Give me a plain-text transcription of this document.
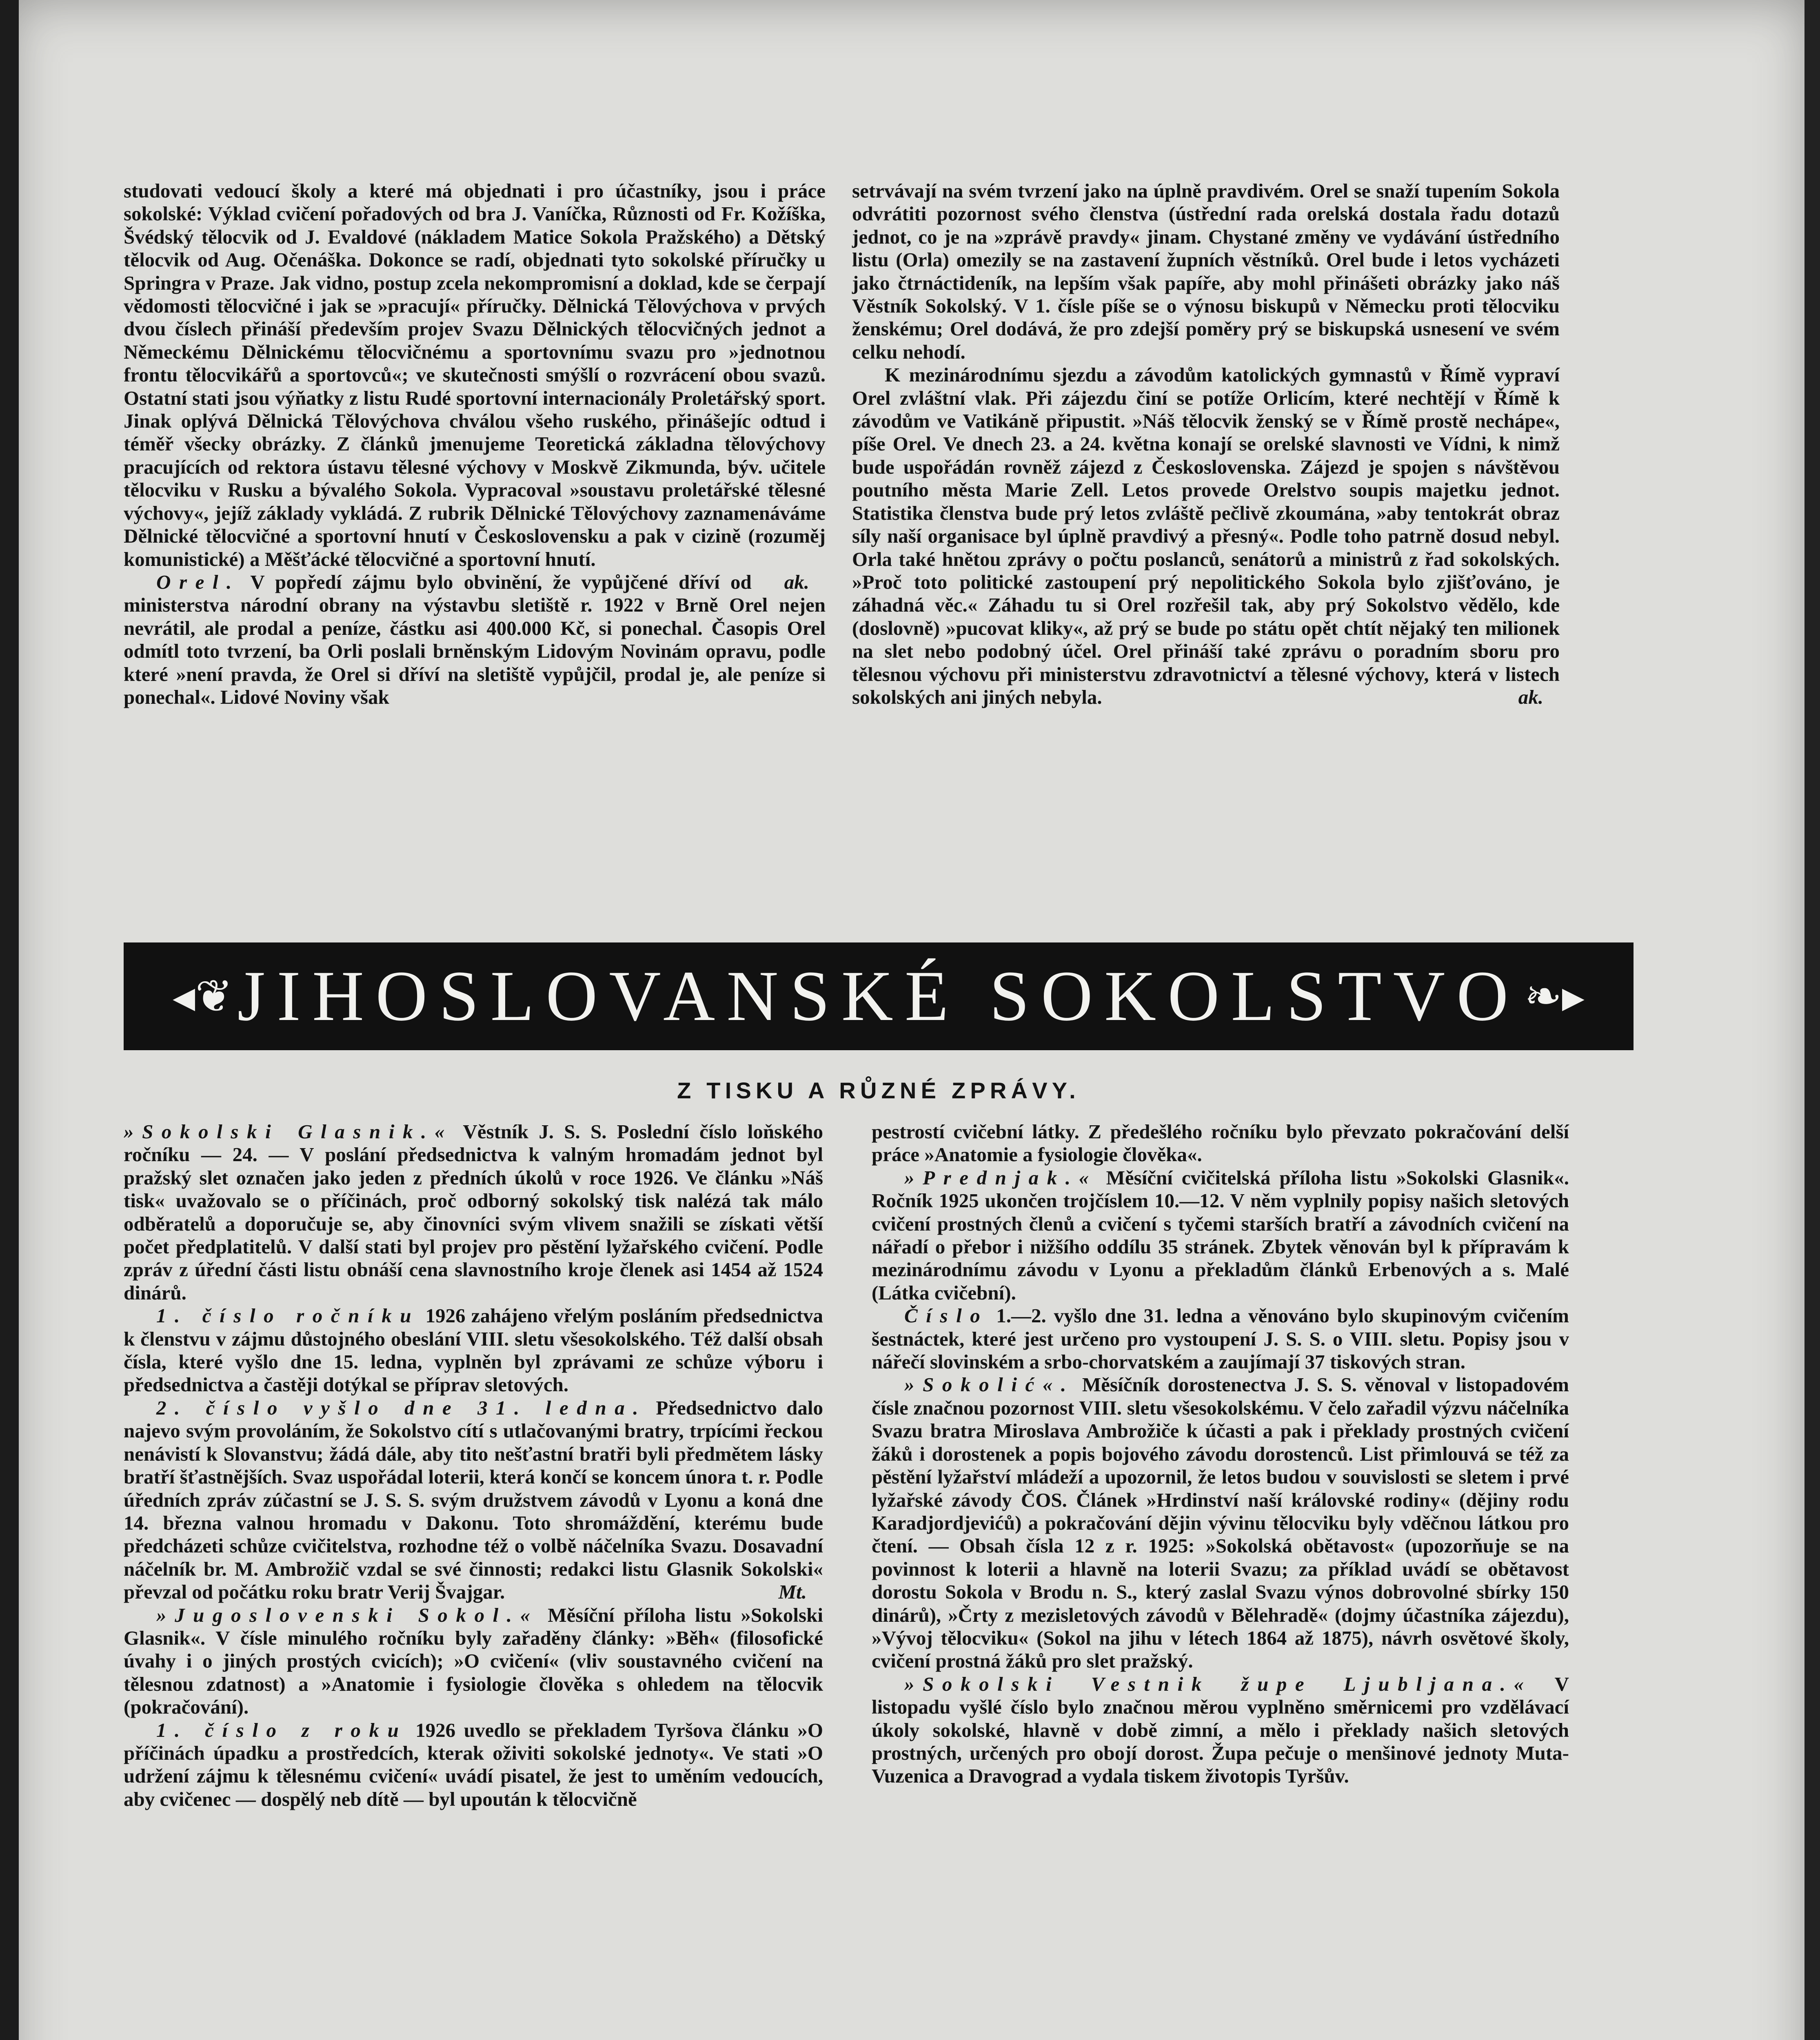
studovati vedoucí školy a které má objednati i pro účastníky, jsou i práce sokolské: Výklad cvičení pořadových od bra J. Vaníčka, Různosti od Fr. Kožíška, Švédský tělocvik od J. Evaldové (nákladem Matice Sokola Pražského) a Dětský tělocvik od Aug. Očenáška. Dokonce se radí, objednati tyto sokolské příručky u Springra v Praze. Jak vidno, postup zcela nekompromisní a doklad, kde se čerpají vědomosti tělocvičné i jak se »pracují« příručky. Dělnická Tělovýchova v prvých dvou číslech přináší především projev Svazu Dělnických tělocvičných jednot a Německému Dělnickému tělocvičnému a sportovnímu svazu pro »jednotnou frontu tělocvikářů a sportovců«; ve skutečnosti smýšlí o rozvrácení obou svazů. Ostatní stati jsou výňatky z listu Rudé sportovní internacionály Proletářský sport. Jinak oplývá Dělnická Tělovýchova chválou všeho ruského, přinášejíc odtud i téměř všecky obrázky. Z článků jmenujeme Teoretická základna tělovýchovy pracujících od rektora ústavu tělesné výchovy v Moskvě Zikmunda, býv. učitele tělocviku v Rusku a bývalého Sokola. Vypracoval »soustavu proletářské tělesné výchovy«, jejíž základy vykládá. Z rubrik Dělnické Tělovýchovy zaznamenáváme Dělnické tělocvičné a sportovní hnutí v Československu a pak v cizině (rozuměj komunistické) a Měšťácké tělocvičné a sportovní hnutí.

ak.

Orel. V popředí zájmu bylo obvinění, že vypůjčené dříví od ministerstva národní obrany na výstavbu sletiště r. 1922 v Brně Orel nejen nevrátil, ale prodal a peníze, částku asi 400.000 Kč, si ponechal. Časopis Orel odmítl toto tvrzení, ba Orli poslali brněnským Lidovým Novinám opravu, podle které »není pravda, že Orel si dříví na sletiště vypůjčil, prodal je, ale peníze si ponechal«. Lidové Noviny však

setrvávají na svém tvrzení jako na úplně pravdivém. Orel se snaží tupením Sokola odvrátiti pozornost svého členstva (ústřední rada orelská dostala řadu dotazů jednot, co je na »zprávě pravdy« jinam. Chystané změny ve vydávání ústředního listu (Orla) omezily se na zastavení župních věstníků. Orel bude i letos vycházeti jako čtrnáctideník, na lepším však papíře, aby mohl přinášeti obrázky jako náš Věstník Sokolský. V 1. čísle píše se o výnosu biskupů v Německu proti tělocviku ženskému; Orel dodává, že pro zdejší poměry prý se biskupská usnesení ve svém celku nehodí.

K mezinárodnímu sjezdu a závodům katolických gymnastů v Římě vypraví Orel zvláštní vlak. Při zájezdu činí se potíže Orlicím, které nechtějí v Římě k závodům ve Vatikáně připustit. »Náš tělocvik ženský se v Římě prostě nechápe«, píše Orel. Ve dnech 23. a 24. května konají se orelské slavnosti ve Vídni, k nimž bude uspořádán rovněž zájezd z Československa. Zájezd je spojen s návštěvou poutního města Marie Zell. Letos provede Orelstvo soupis majetku jednot. Statistika členstva bude prý letos zvláště pečlivě zkoumána, »aby tentokrát obraz síly naší organisace byl úplně pravdivý a přesný«. Podle toho patrně dosud nebyl. Orla také hnětou zprávy o počtu poslanců, senátorů a ministrů z řad sokolských. »Proč toto politické zastoupení prý nepolitického Sokola bylo zjišťováno, je záhadná věc.« Záhadu tu si Orel rozřešil tak, aby prý Sokolstvo vědělo, kde (doslovně) »pucovat kliky«, až prý se bude po státu opět chtít nějaký ten milionek na slet nebo podobný účel. Orel přináší také zprávu o poradním sboru pro tělesnou výchovu při ministerstvu zdravotnictví a tělesné výchovy, která v listech sokolských ani jiných nebyla.	ak.

◂❦ JIHOSLOVANSKÉ SOKOLSTVO ❧▸
Z TISKU A RŮZNÉ ZPRÁVY.

»Sokolski Glasnik.« Věstník J. S. S. Poslední číslo loňského ročníku — 24. — V poslání předsednictva k valným hromadám jednot byl pražský slet označen jako jeden z předních úkolů v roce 1926. Ve článku »Náš tisk« uvažovalo se o příčinách, proč odborný sokolský tisk nalézá tak málo odběratelů a doporučuje se, aby činovníci svým vlivem snažili se získati větší počet předplatitelů. V další stati byl projev pro pěstění lyžařského cvičení. Podle zpráv z úřední části listu obnáší cena slavnostního kroje členek asi 1454 až 1524 dinárů.

1. číslo ročníku 1926 zahájeno vřelým posláním předsednictva k členstvu v zájmu důstojného obeslání VIII. sletu všesokolského. Též další obsah čísla, které vyšlo dne 15. ledna, vyplněn byl zprávami ze schůze výboru i předsednictva a častěji dotýkal se příprav sletových.

2. číslo vyšlo dne 31. ledna. Předsednictvo dalo najevo svým provoláním, že Sokolstvo cítí s utlačovanými bratry, trpícími řeckou nenávistí k Slovanstvu; žádá dále, aby tito nešťastní bratři byli předmětem lásky bratří šťastnějších. Svaz uspořádal loterii, která končí se koncem února t. r. Podle úředních zpráv zúčastní se J. S. S. svým družstvem závodů v Lyonu a koná dne 14. března valnou hromadu v Dakonu. Toto shromáždění, kterému bude předcházeti schůze cvičitelstva, rozhodne též o volbě náčelníka Svazu. Dosavadní náčelník br. M. Ambrožič vzdal se své činnosti; redakci listu Glasnik Sokolski« převzal od počátku roku bratr Verij Švajgar.	Mt.

»Jugoslovenski Sokol.« Měsíční příloha listu »Sokolski Glasnik«. V čísle minulého ročníku byly zařaděny články: »Běh« (filosofické úvahy i o jiných prostých cvicích); »O cvičení« (vliv soustavného cvičení na tělesnou zdatnost) a »Anatomie i fysiologie člověka s ohledem na tělocvik (pokračování).

1. číslo z roku 1926 uvedlo se překladem Tyršova článku »O příčinách úpadku a prostředcích, kterak oživiti sokolské jednoty«. Ve stati »O udržení zájmu k tělesnému cvičení« uvádí pisatel, že jest to uměním vedoucích, aby cvičenec — dospělý neb dítě — byl upoután k tělocvičně

pestrostí cvičební látky. Z předešlého ročníku bylo převzato pokračování delší práce »Anatomie a fysiologie člověka«.

»Prednjak.« Měsíční cvičitelská příloha listu »Sokolski Glasnik«. Ročník 1925 ukončen trojčíslem 10.—12. V něm vyplnily popisy našich sletových cvičení prostných členů a cvičení s tyčemi starších bratří a závodních cvičení na nářadí o přebor i nižšího oddílu 35 stránek. Zbytek věnován byl k přípravám k mezinárodnímu závodu v Lyonu a překladům článků Erbenových a s. Malé (Látka cvičební).

Číslo 1.—2. vyšlo dne 31. ledna a věnováno bylo skupinovým cvičením šestnáctek, které jest určeno pro vystoupení J. S. S. o VIII. sletu. Popisy jsou v nářečí slovinském a srbo-chorvatském a zaujímají 37 tiskových stran.

»Sokolić«. Měsíčník dorostenectva J. S. S. věnoval v listopadovém čísle značnou pozornost VIII. sletu všesokolskému. V čelo zařadil výzvu náčelníka Svazu bratra Miroslava Ambrožiče k účasti a pak i překlady prostných cvičení žáků i dorostenek a popis bojového závodu dorostenců. List přimlouvá se též za pěstění lyžařství mládeží a upozornil, že letos budou v souvislosti se sletem i prvé lyžařské závody ČOS. Článek »Hrdinství naší královské rodiny« (dějiny rodu Karadjordjevićů) a pokračování dějin vývinu tělocviku byly vděčnou látkou pro čtení. — Obsah čísla 12 z r. 1925: »Sokolská obětavost« (upozorňuje se na povinnost k loterii a hlavně na loterii Svazu; za příklad uvádí se obětavost dorostu Sokola v Brodu n. S., který zaslal Svazu výnos dobrovolné sbírky 150 dinárů), »Črty z mezisletových závodů v Bělehradě« (dojmy účastníka zájezdu), »Vývoj tělocviku« (Sokol na jihu v létech 1864 až 1875), návrh osvětové školy, cvičení prostná žáků pro slet pražský.

»Sokolski Vestnik župe Ljubljana.« V listopadu vyšlé číslo bylo značnou měrou vyplněno směrnicemi pro vzdělávací úkoly sokolské, hlavně v době zimní, a mělo i překlady našich sletových prostných, určených pro obojí dorost. Župa pečuje o menšinové jednoty Muta-Vuzenica a Dravograd a vydala tiskem životopis Tyršův.
